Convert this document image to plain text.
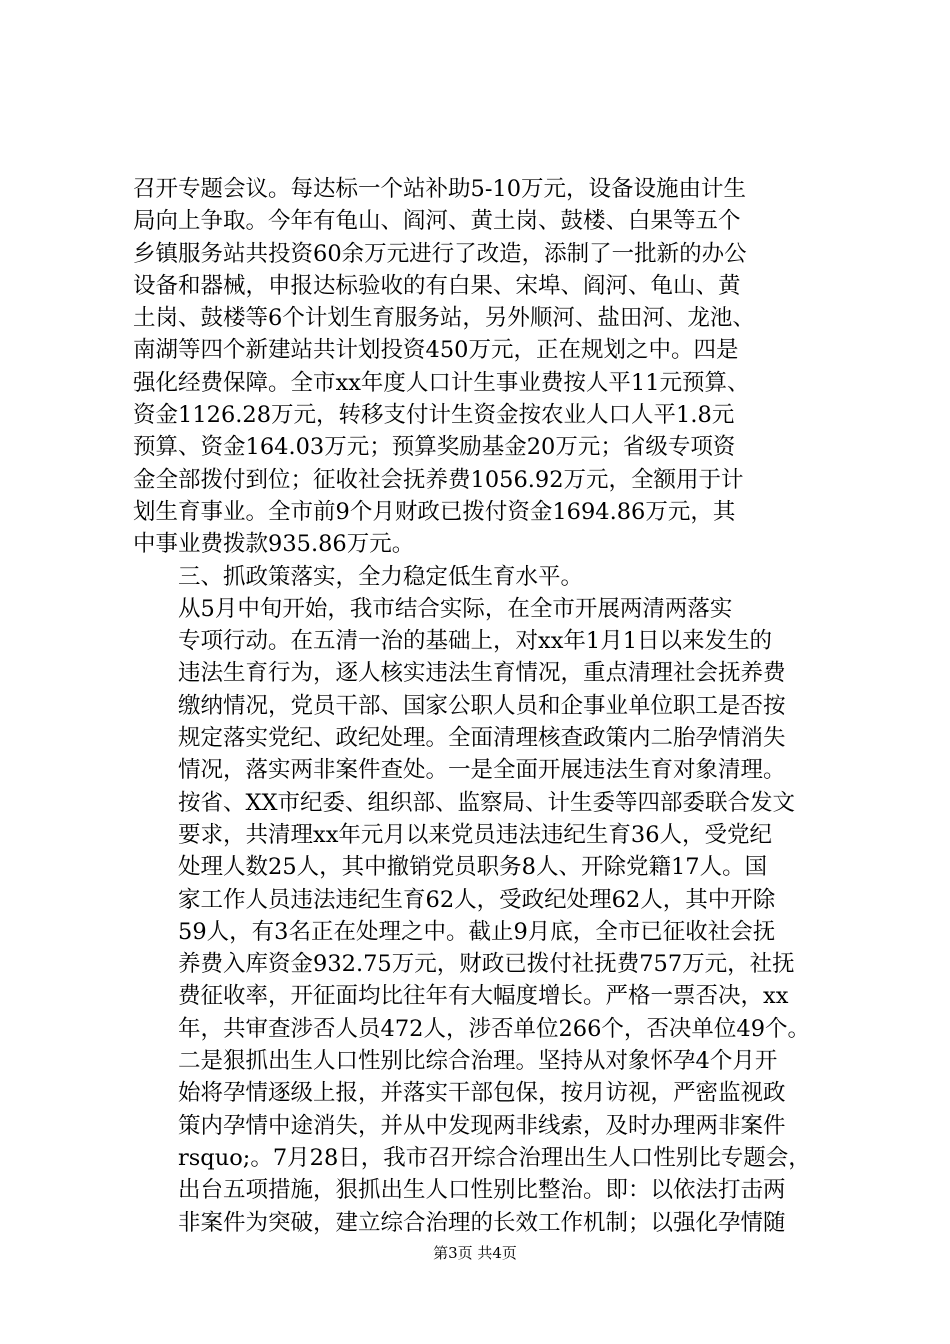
召开专题会议。每达标一个站补助5-10万元，设备设施由计生
局向上争取。今年有龟山、阎河、黄土岗、鼓楼、白果等五个
乡镇服务站共投资60余万元进行了改造，添制了一批新的办公
设备和器械，申报达标验收的有白果、宋埠、阎河、龟山、黄
土岗、鼓楼等6个计划生育服务站，另外顺河、盐田河、龙池、
南湖等四个新建站共计划投资450万元，正在规划之中。四是
强化经费保障。全市xx年度人口计生事业费按人平11元预算、
资金1126.28万元，转移支付计生资金按农业人口人平1.8元
预算、资金164.03万元；预算奖励基金20万元；省级专项资
金全部拨付到位；征收社会抚养费1056.92万元，全额用于计
划生育事业。全市前9个月财政已拨付资金1694.86万元，其
中事业费拨款935.86万元。
三、抓政策落实，全力稳定低生育水平。
从5月中旬开始，我市结合实际，在全市开展两清两落实
专项行动。在五清一治的基础上，对xx年1月1日以来发生的
违法生育行为，逐人核实违法生育情况，重点清理社会抚养费
缴纳情况，党员干部、国家公职人员和企事业单位职工是否按
规定落实党纪、政纪处理。全面清理核查政策内二胎孕情消失
情况，落实两非案件查处。一是全面开展违法生育对象清理。
按省、XX市纪委、组织部、监察局、计生委等四部委联合发文
要求，共清理xx年元月以来党员违法违纪生育36人，受党纪
处理人数25人，其中撤销党员职务8人、开除党籍17人。国
家工作人员违法违纪生育62人，受政纪处理62人，其中开除
59人，有3名正在处理之中。截止9月底，全市已征收社会抚
养费入库资金932.75万元，财政已拨付社抚费757万元，社抚
费征收率，开征面均比往年有大幅度增长。严格一票否决，xx
年，共审查涉否人员472人，涉否单位266个，否决单位49个。
二是狠抓出生人口性别比综合治理。坚持从对象怀孕4个月开
始将孕情逐级上报，并落实干部包保，按月访视，严密监视政
策内孕情中途消失，并从中发现两非线索，及时办理两非案件
rsquo;。7月28日，我市召开综合治理出生人口性别比专题会，
出台五项措施，狠抓出生人口性别比整治。即：以依法打击两
非案件为突破，建立综合治理的长效工作机制；以强化孕情随
第3页 共4页
